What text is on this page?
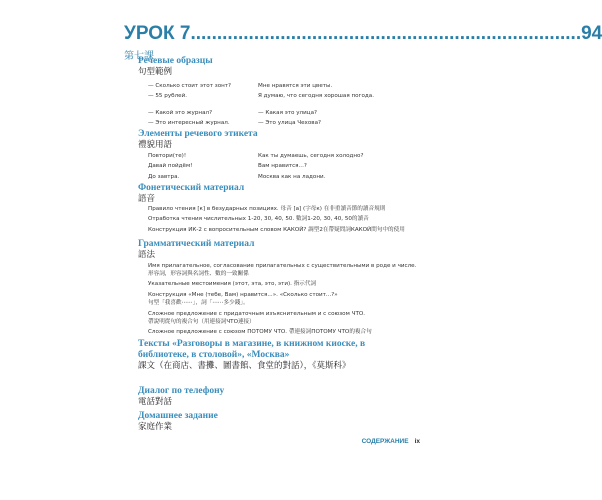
УРОК 7 .......................................................................... 94
第七課
Речевые образцы
句型範例
— Сколько стоит этот зонт?	Мне нравятся эти цветы.
— 55 рублей.	Я думаю, что сегодня хорошая погода.
— Какой это журнал?	— Какая это улица?
— Это интересный журнал.	— Это улица Чехова?
Элементы речевого этикета
禮貌用語
Повтори(те)!	Как ты думаешь, сегодня холодно?
Давай пойдём!	Вам нравится...?
До завтра.	Москва как на ладони.
Фонетический материал
語音
Правило чтения [к] в безударных позициях. 母音 [а] (字母к) 在非重讀音節的讀音規則
Отработка чтения числительных 1-20, 30, 40, 50. 數詞1-20, 30, 40, 50的讀音
Конструкция ИК-2 с вопросительным словом КАКОЙ? 調型2在帶疑問詞КАКОЙ問句中的使用
Грамматический материал
語法
Имя прилагательное, согласование прилагательных с существительными в роде и числе.
形容詞，形容詞與名詞性、數的一致關係
Указательные местоимения (этот, эта, это, эти). 指示代詞
Конструкция «Мне (тебе, Вам) нравится...». «Сколько стоит...?»
句型「我喜歡⋯⋯」，詞「⋯⋯多少錢」。
Сложное предложение с придаточным изъяснительным и с союзом ЧТО.
帶說明從句的複合句（用連接詞ЧТО連接）
Сложное предложение с союзом ПОТОМУ ЧТО. 帶連接詞ПОТОМУ ЧТО的複合句
Тексты «Разговоры в магазине, в книжном киоске, в библиотеке, в столовой», «Москва»
課文（在商店、書攤、圖書館、食堂的對話），《莫斯科》
Диалог по телефону
電話對話
Домашнее задание
家庭作業
СОДЕРЖАНИЕ ix
